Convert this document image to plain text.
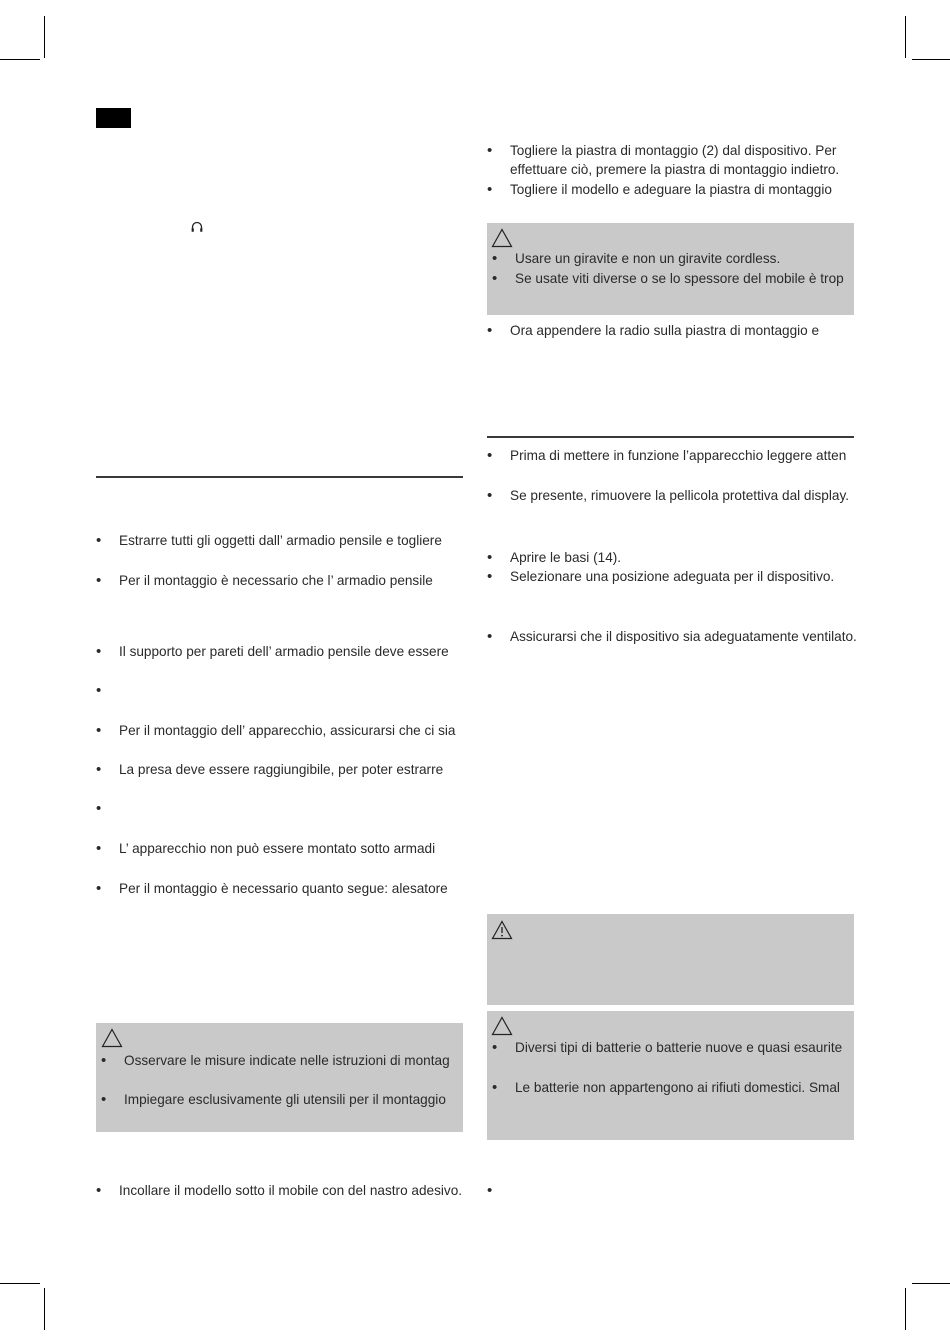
• Estrarre tutti gli oggetti dall’ armadio pensile e togliere
• Per il montaggio è necessario che l’ armadio pensile
• Il supporto per pareti dell’ armadio pensile deve essere
•
• Per il montaggio dell’ apparecchio, assicurarsi che ci sia
• La presa deve essere raggiungibile, per poter estrarre
•
• L’ apparecchio non può essere montato sotto armadi
• Per il montaggio è necessario quanto segue: alesatore
• Osservare le misure indicate nelle istruzioni di montag
• Impiegare esclusivamente gli utensili per il montaggio
• Incollare il modello sotto il mobile con del nastro adesivo.
• Togliere la piastra di montaggio (2) dal dispositivo. Per
effettuare ciò, premere la piastra di montaggio indietro.
• Togliere il modello e adeguare la piastra di montaggio
• Usare un giravite e non un giravite cordless.
• Se usate viti diverse o se lo spessore del mobile è trop
• Ora appendere la radio sulla piastra di montaggio e
• Prima di mettere in funzione l’apparecchio leggere atten
• Se presente, rimuovere la pellicola protettiva dal display.
• Aprire le basi (14).
• Selezionare una posizione adeguata per il dispositivo.
• Assicurarsi che il dispositivo sia adeguatamente ventilato.
• Diversi tipi di batterie o batterie nuove e quasi esaurite
• Le batterie non appartengono ai rifiuti domestici. Smal
•
